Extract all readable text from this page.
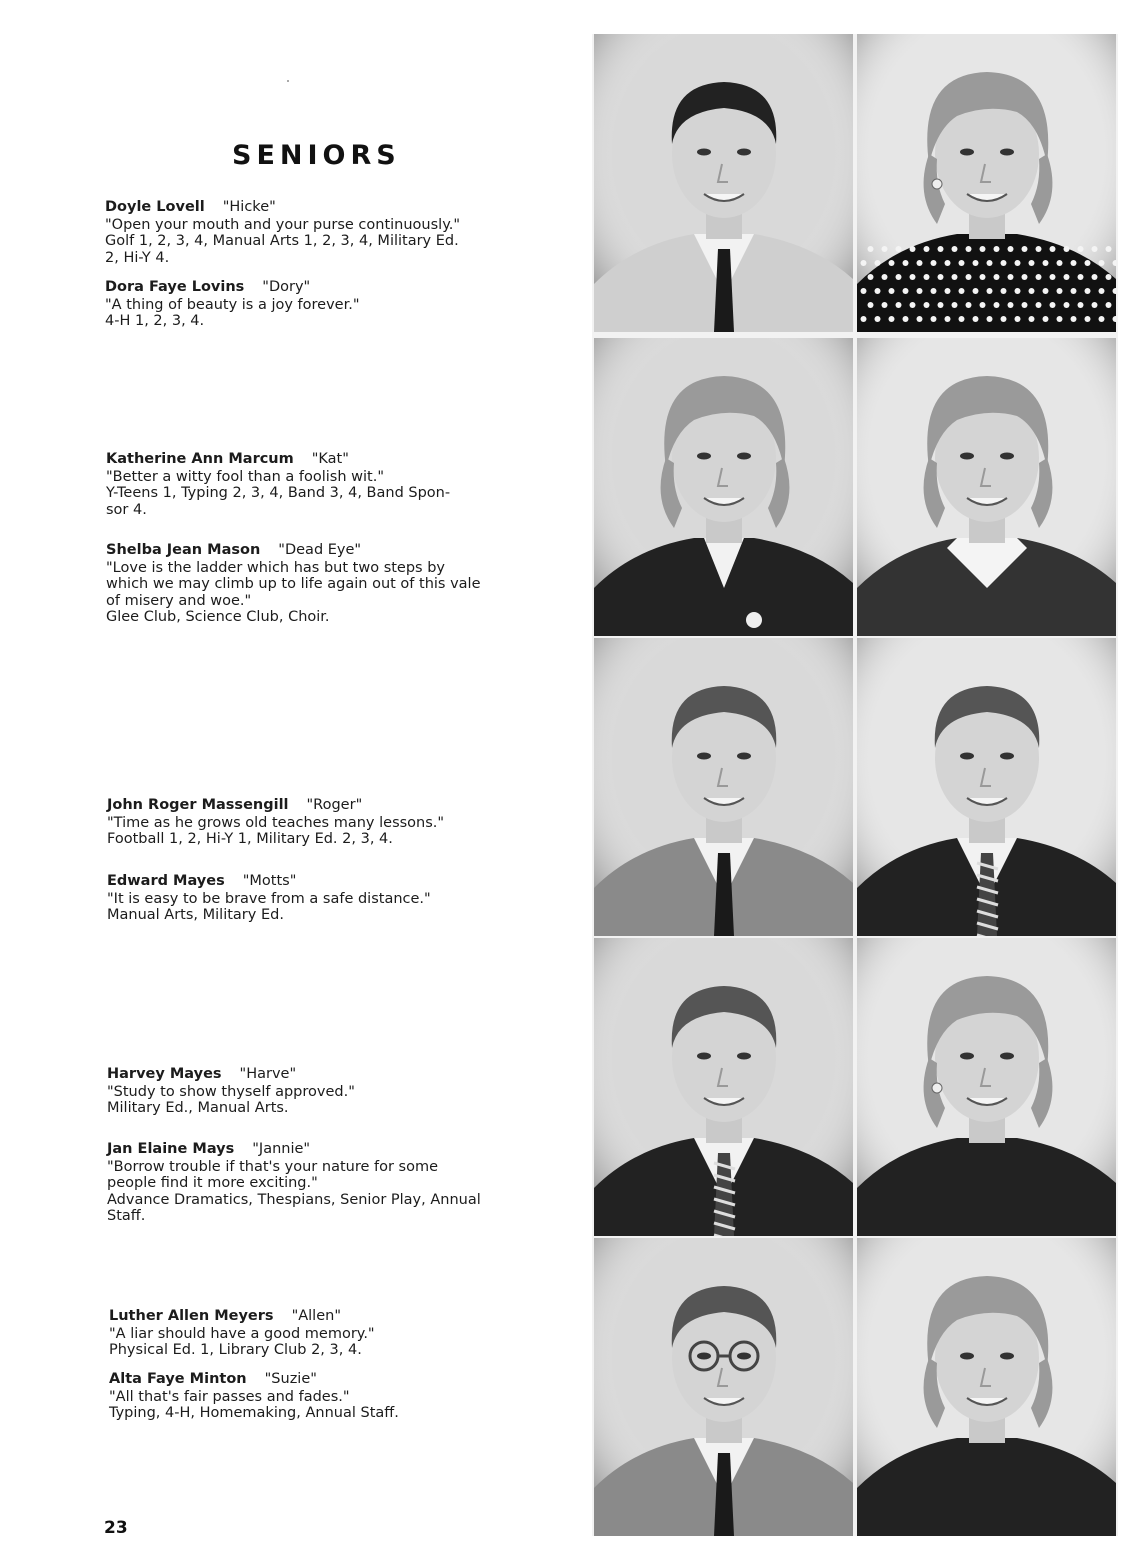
SENIORS
Doyle Lovell "Hicke"
"Open your mouth and your purse continuously."
Golf 1, 2, 3, 4, Manual Arts 1, 2, 3, 4, Military Ed.
2, Hi-Y 4.
Dora Faye Lovins "Dory"
"A thing of beauty is a joy forever."
4-H 1, 2, 3, 4.
Katherine Ann Marcum "Kat"
"Better a witty fool than a foolish wit."
Y-Teens 1, Typing 2, 3, 4, Band 3, 4, Band Spon-
sor 4.
Shelba Jean Mason "Dead Eye"
"Love is the ladder which has but two steps by
which we may climb up to life again out of this vale
of misery and woe."
Glee Club, Science Club, Choir.
John Roger Massengill "Roger"
"Time as he grows old teaches many lessons."
Football 1, 2, Hi-Y 1, Military Ed. 2, 3, 4.
Edward Mayes "Motts"
"It is easy to be brave from a safe distance."
Manual Arts, Military Ed.
Harvey Mayes "Harve"
"Study to show thyself approved."
Military Ed., Manual Arts.
Jan Elaine Mays "Jannie"
"Borrow trouble if that's your nature for some
people find it more exciting."
Advance Dramatics, Thespians, Senior Play, Annual
Staff.
Luther Allen Meyers "Allen"
"A liar should have a good memory."
Physical Ed. 1, Library Club 2, 3, 4.
Alta Faye Minton "Suzie"
"All that's fair passes and fades."
Typing, 4-H, Homemaking, Annual Staff.
23
